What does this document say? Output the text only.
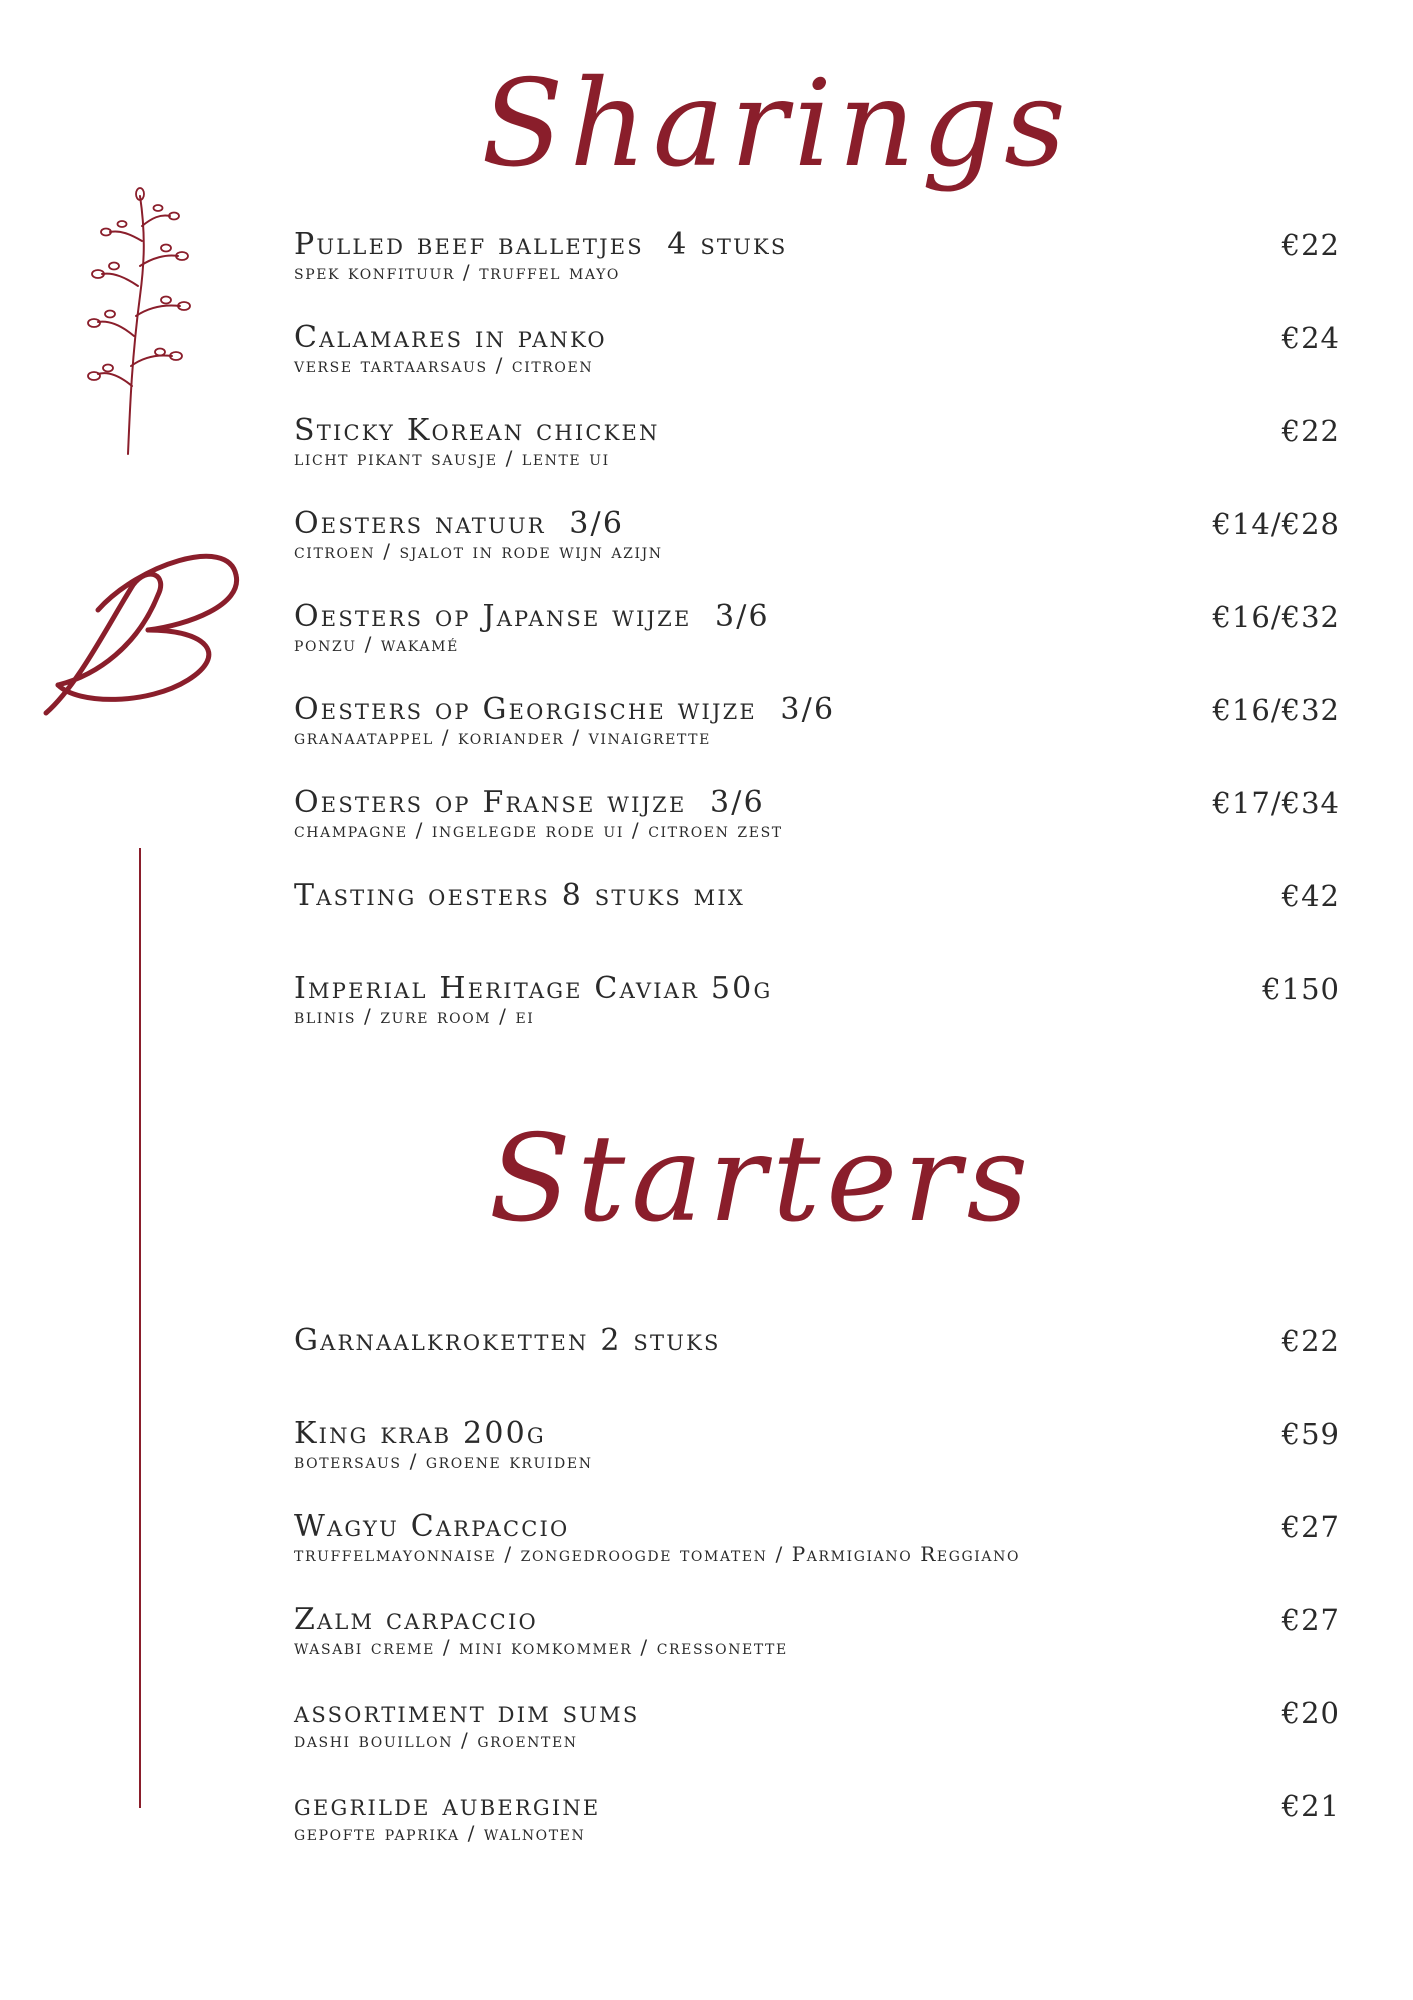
Sharings
Pulled beef balletjes  4 stuks
spek konfituur / truffel mayo
€22
Calamares in panko
verse tartaarsaus / citroen
€24
Sticky Korean chicken
licht pikant sausje / lente ui
€22
Oesters natuur  3/6
citroen / sjalot in rode wijn azijn
€14/€28
Oesters op Japanse wijze  3/6
ponzu / wakamé
€16/€32
Oesters op Georgische wijze  3/6
granaatappel / koriander / vinaigrette
€16/€32
Oesters op Franse wijze  3/6
champagne / ingelegde rode ui / citroen zest
€17/€34
Tasting oesters 8 stuks mix	€42
Imperial Heritage Caviar 50g
blinis / zure room / ei
€150
Starters
Garnaalkroketten 2 stuks	€22
King krab 200g
botersaus / groene kruiden
€59
Wagyu Carpaccio
truffelmayonnaise / zongedroogde tomaten / Parmigiano Reggiano
€27
Zalm carpaccio
wasabi creme / mini komkommer / cressonette
€27
assortiment dim sums
dashi bouillon / groenten
€20
gegrilde aubergine
gepofte paprika / walnoten
€21
